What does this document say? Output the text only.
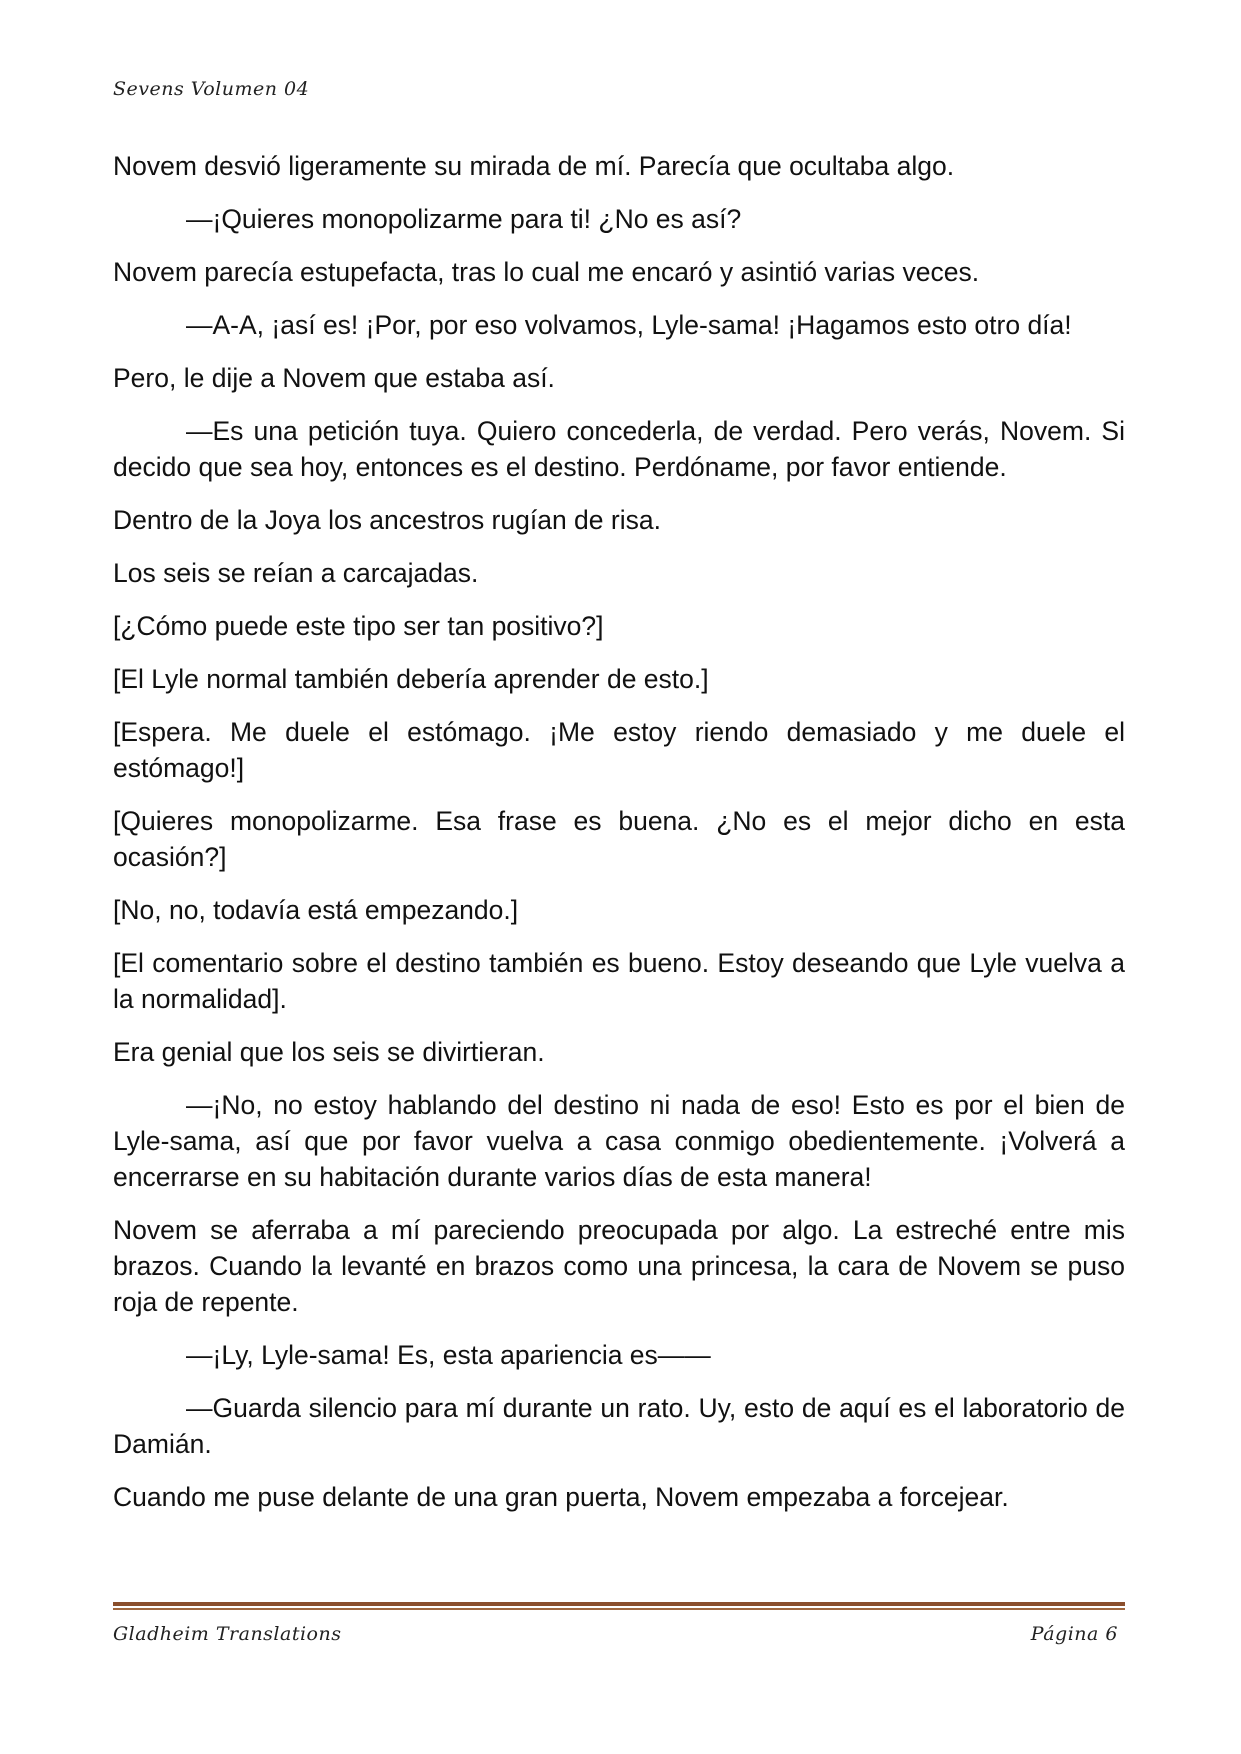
Sevens Volumen 04

Novem desvió ligeramente su mirada de mí. Parecía que ocultaba algo.

—¡Quieres monopolizarme para ti! ¿No es así?

Novem parecía estupefacta, tras lo cual me encaró y asintió varias veces.

—A-A, ¡así es! ¡Por, por eso volvamos, Lyle-sama! ¡Hagamos esto otro día!

Pero, le dije a Novem que estaba así.

—Es una petición tuya. Quiero concederla, de verdad. Pero verás, Novem. Si decido que sea hoy, entonces es el destino. Perdóname, por favor entiende.

Dentro de la Joya los ancestros rugían de risa.

Los seis se reían a carcajadas.

[¿Cómo puede este tipo ser tan positivo?]

[El Lyle normal también debería aprender de esto.]

[Espera. Me duele el estómago. ¡Me estoy riendo demasiado y me duele el estómago!]

[Quieres monopolizarme. Esa frase es buena. ¿No es el mejor dicho en esta ocasión?]

[No, no, todavía está empezando.]

[El comentario sobre el destino también es bueno. Estoy deseando que Lyle vuelva a la normalidad].

Era genial que los seis se divirtieran.

—¡No, no estoy hablando del destino ni nada de eso! Esto es por el bien de Lyle-sama, así que por favor vuelva a casa conmigo obedientemente. ¡Volverá a encerrarse en su habitación durante varios días de esta manera!

Novem se aferraba a mí pareciendo preocupada por algo. La estreché entre mis brazos. Cuando la levanté en brazos como una princesa, la cara de Novem se puso roja de repente.

—¡Ly, Lyle-sama! Es, esta apariencia es——

—Guarda silencio para mí durante un rato. Uy, esto de aquí es el laboratorio de Damián.

Cuando me puse delante de una gran puerta, Novem empezaba a forcejear.

Gladheim Translations	Página 6
